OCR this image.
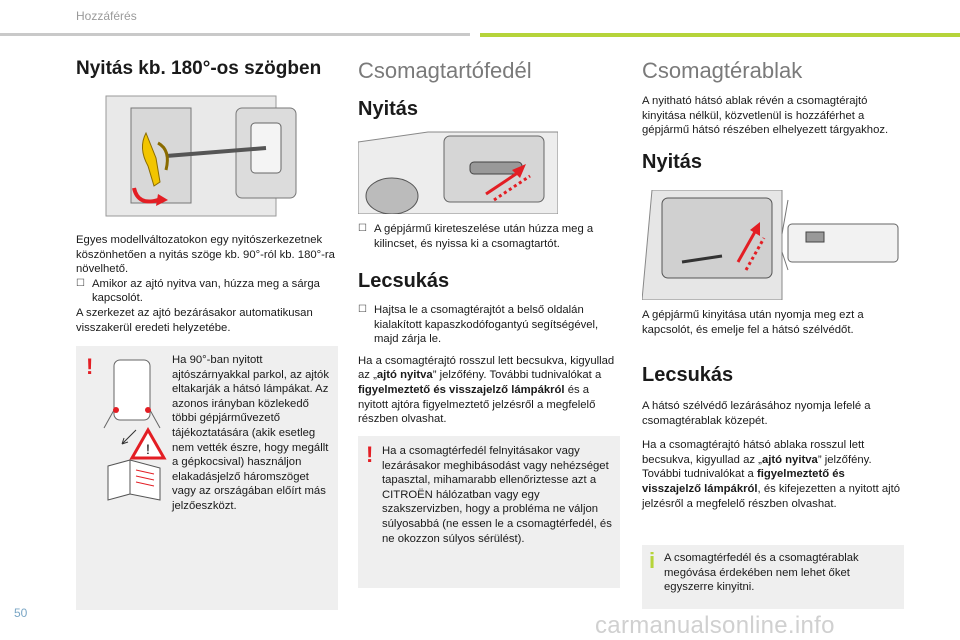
Hozzáférés
Nyitás kb. 180°-os szögben

Egyes modellváltozatokon egy nyitószerkezetnek köszönhetően a nyitás szöge kb. 90°-ról kb. 180°-ra növelhető.

☐ Amikor az ajtó nyitva van, húzza meg a sárga kapcsolót.

A szerkezet az ajtó bezárásakor automatikusan visszakerül eredeti helyzetébe.

!
!

Ha 90°-ban nyitott ajtószárnyakkal parkol, az ajtók eltakarják a hátsó lámpákat. Az azonos irányban közlekedő többi gépjárművezető tájékoztatására (akik esetleg nem vették észre, hogy megállt a gépkocsival) használjon elakadásjelző háromszöget vagy az országában előírt más jelzőeszközt.

Csomagtartófedél
Nyitás
☐ A gépjármű kireteszelése után húzza meg a kilincset, és nyissa ki a csomagtartót.
Lecsukás
☐ Hajtsa le a csomagtérajtót a belső oldalán kialakított kapaszkodófogantyú segítségével, majd zárja le.

Ha a csomagtérajtó rosszul lett becsukva, kigyullad az „ajtó nyitva” jelzőfény. További tudnivalókat a figyelmeztető és visszajelző lámpákról és a nyitott ajtóra figyelmeztető jelzésről a megfelelő részben olvashat.

! Ha a csomagtérfedél felnyitásakor vagy lezárásakor meghibásodást vagy nehézséget tapasztal, mihamarabb ellenőriztesse azt a CITROËN hálózatban vagy egy szakszervizben, hogy a probléma ne váljon súlyosabbá (ne essen le a csomagtérfedél, és ne okozzon súlyos sérülést).

Csomagtérablak

A nyitható hátsó ablak révén a csomagtérajtó kinyitása nélkül, közvetlenül is hozzáférhet a gépjármű hátsó részében elhelyezett tárgyakhoz.

Nyitás

A gépjármű kinyitása után nyomja meg ezt a kapcsolót, és emelje fel a hátsó szélvédőt.

Lecsukás

A hátsó szélvédő lezárásához nyomja lefelé a csomagtérablak közepét.

Ha a csomagtérajtó hátsó ablaka rosszul lett becsukva, kigyullad az „ajtó nyitva” jelzőfény. További tudnivalókat a figyelmeztető és visszajelző lámpákról, és kifejezetten a nyitott ajtó jelzésről a megfelelő részben olvashat.

i A csomagtérfedél és a csomagtérablak megóvása érdekében nem lehet őket egyszerre kinyitni.

50	carmanualsonline.info
